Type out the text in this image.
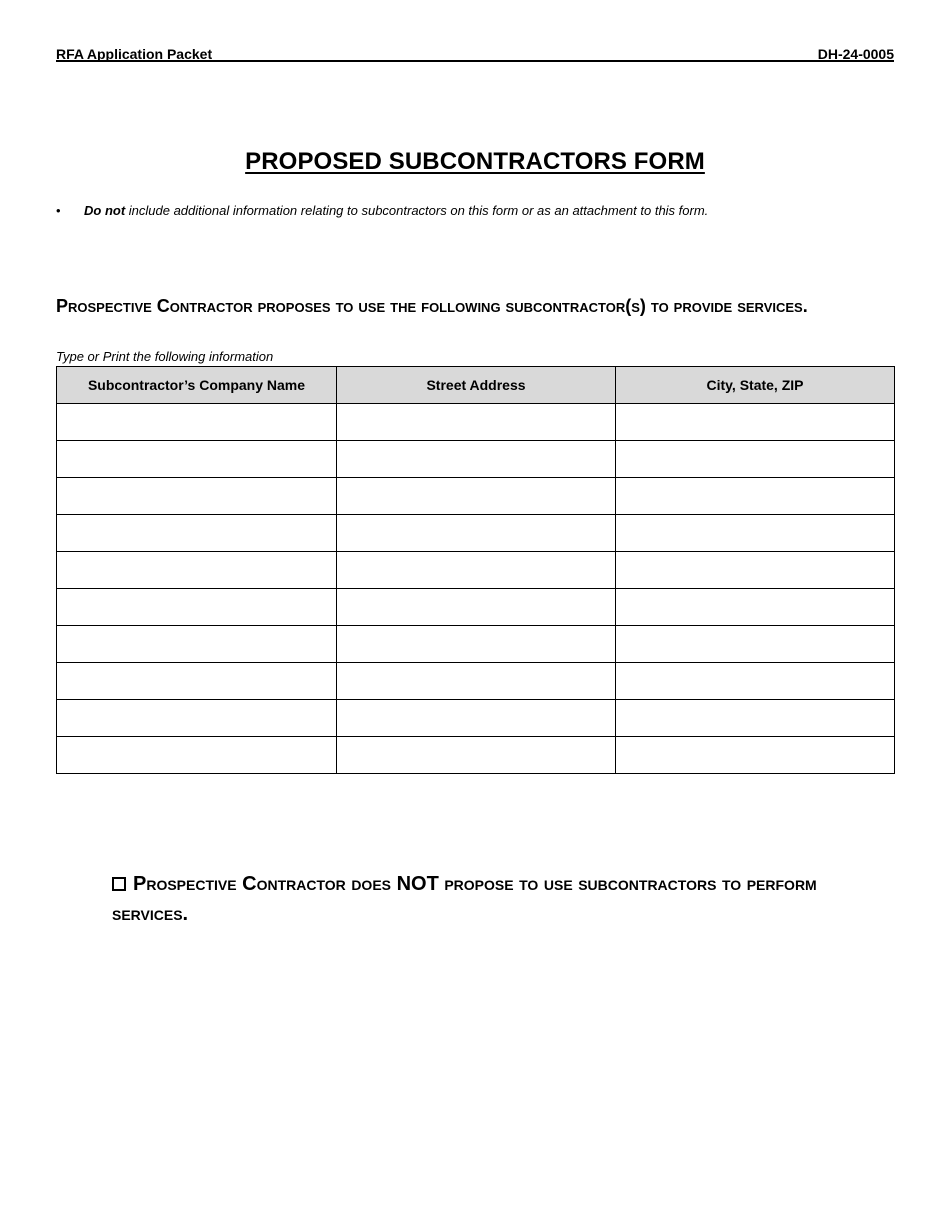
RFA Application Packet	DH-24-0005
PROPOSED SUBCONTRACTORS FORM
• Do not include additional information relating to subcontractors on this form or as an attachment to this form.
Prospective Contractor proposes to use the following subcontractor(s) to provide services.
Type or Print the following information
Subcontractor’s Company Name	Street Address	City, State, ZIP

Prospective Contractor does NOT propose to use subcontractors to perform services.
